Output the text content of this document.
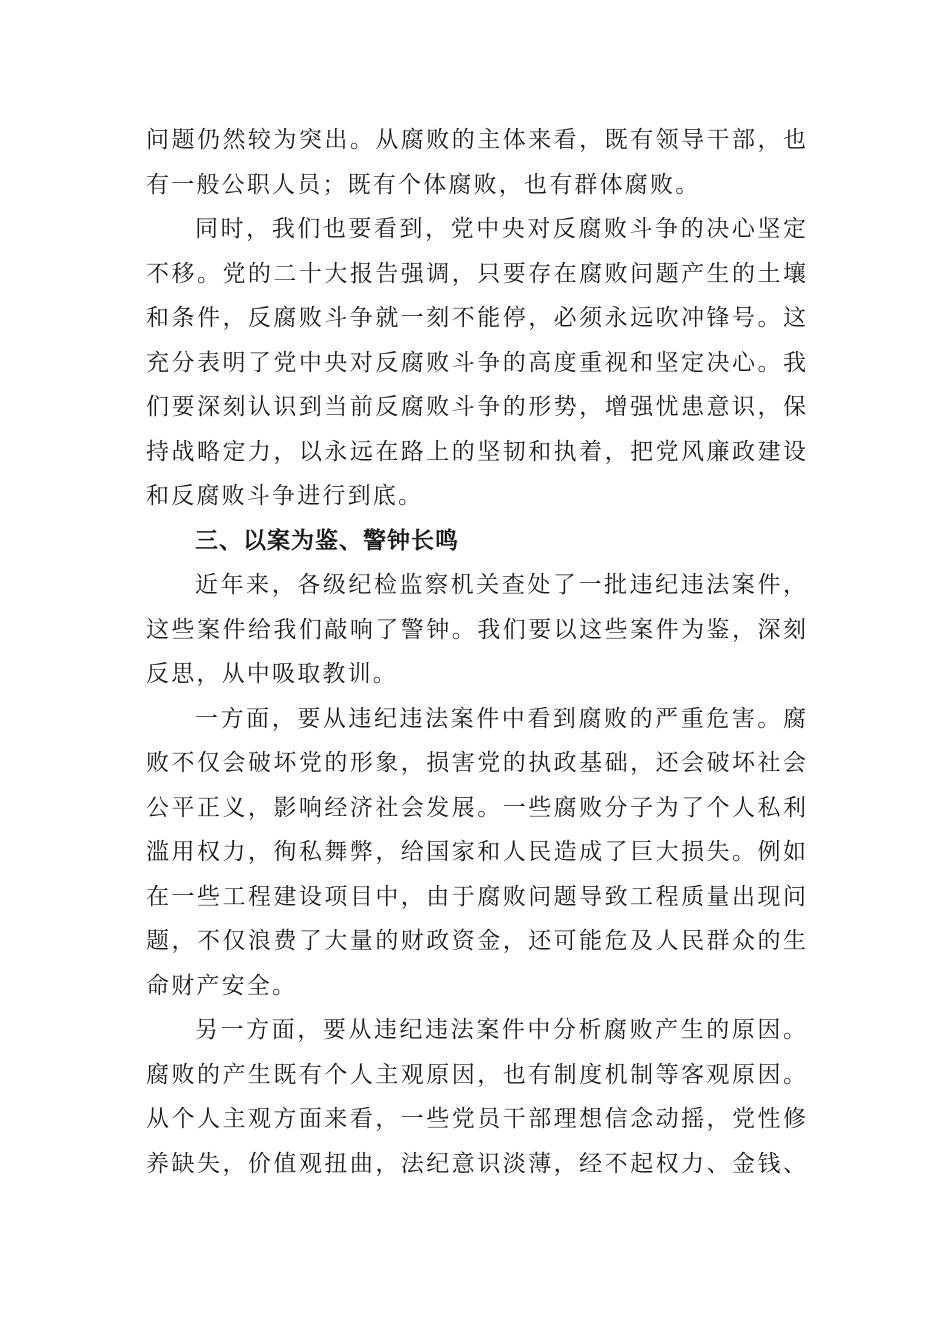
问题仍然较为突出。从腐败的主体来看，既有领导干部，也
有一般公职人员；既有个体腐败，也有群体腐败。
同时，我们也要看到，党中央对反腐败斗争的决心坚定
不移。党的二十大报告强调，只要存在腐败问题产生的土壤
和条件，反腐败斗争就一刻不能停，必须永远吹冲锋号。这
充分表明了党中央对反腐败斗争的高度重视和坚定决心。我
们要深刻认识到当前反腐败斗争的形势，增强忧患意识，保
持战略定力，以永远在路上的坚韧和执着，把党风廉政建设
和反腐败斗争进行到底。
三、以案为鉴、警钟长鸣
近年来，各级纪检监察机关查处了一批违纪违法案件，
这些案件给我们敲响了警钟。我们要以这些案件为鉴，深刻
反思，从中吸取教训。
一方面，要从违纪违法案件中看到腐败的严重危害。腐
败不仅会破坏党的形象，损害党的执政基础，还会破坏社会
公平正义，影响经济社会发展。一些腐败分子为了个人私利
滥用权力，徇私舞弊，给国家和人民造成了巨大损失。例如
在一些工程建设项目中，由于腐败问题导致工程质量出现问
题，不仅浪费了大量的财政资金，还可能危及人民群众的生
命财产安全。
另一方面，要从违纪违法案件中分析腐败产生的原因。
腐败的产生既有个人主观原因，也有制度机制等客观原因。
从个人主观方面来看，一些党员干部理想信念动摇，党性修
养缺失，价值观扭曲，法纪意识淡薄，经不起权力、金钱、
